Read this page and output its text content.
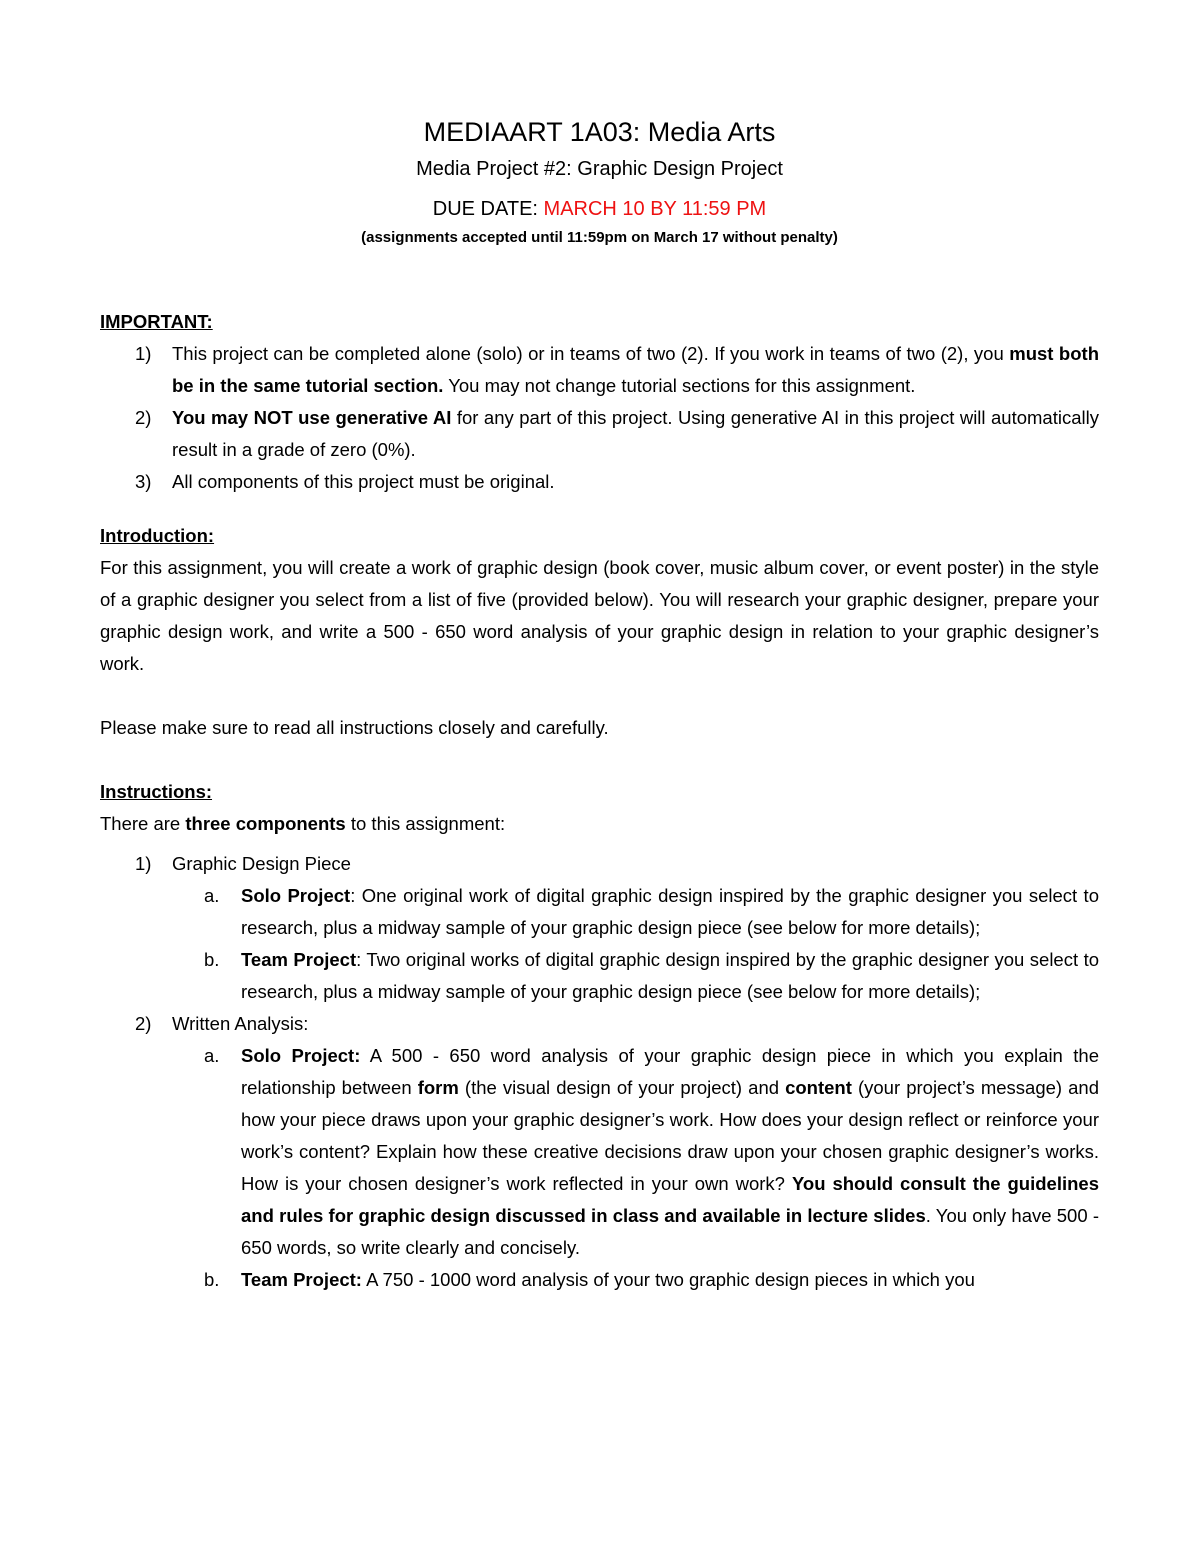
MEDIAART 1A03: Media Arts
Media Project #2: Graphic Design Project
DUE DATE: MARCH 10 BY 11:59 PM
(assignments accepted until 11:59pm on March 17 without penalty)
IMPORTANT:
1) This project can be completed alone (solo) or in teams of two (2). If you work in teams of two (2), you must both be in the same tutorial section. You may not change tutorial sections for this assignment.
2) You may NOT use generative AI for any part of this project. Using generative AI in this project will automatically result in a grade of zero (0%).
3) All components of this project must be original.
Introduction:
For this assignment, you will create a work of graphic design (book cover, music album cover, or event poster) in the style of a graphic designer you select from a list of five (provided below). You will research your graphic designer, prepare your graphic design work, and write a 500 - 650 word analysis of your graphic design in relation to your graphic designer’s work.
Please make sure to read all instructions closely and carefully.
Instructions:
There are three components to this assignment:
1) Graphic Design Piece
a. Solo Project: One original work of digital graphic design inspired by the graphic designer you select to research, plus a midway sample of your graphic design piece (see below for more details);
b. Team Project: Two original works of digital graphic design inspired by the graphic designer you select to research, plus a midway sample of your graphic design piece (see below for more details);
2) Written Analysis:
a. Solo Project: A 500 - 650 word analysis of your graphic design piece in which you explain the relationship between form (the visual design of your project) and content (your project’s message) and how your piece draws upon your graphic designer’s work. How does your design reflect or reinforce your work’s content? Explain how these creative decisions draw upon your chosen graphic designer’s works. How is your chosen designer’s work reflected in your own work? You should consult the guidelines and rules for graphic design discussed in class and available in lecture slides. You only have 500 - 650 words, so write clearly and concisely.
b. Team Project: A 750 - 1000 word analysis of your two graphic design pieces in which you
